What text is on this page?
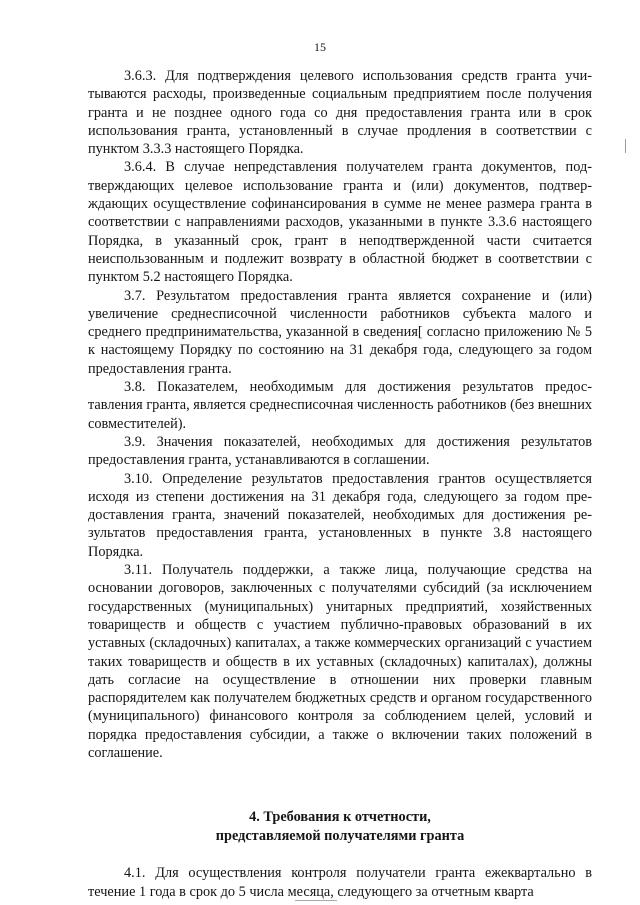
15

3.6.3. Для подтверждения целевого использования средств гранта учитываются расходы, произведенные социальным предприятием после получения гранта и не позднее одного года со дня предоставления гранта или в срок использования гранта, установленный в случае продления в соответствии с пунктом 3.3.3 настоящего Порядка.

3.6.4. В случае непредставления получателем гранта документов, подтверждающих целевое использование гранта и (или) документов, подтверждающих осуществление софинансирования в сумме не менее размера гранта в соответствии с направлениями расходов, указанными в пункте 3.3.6 настоящего Порядка, в указанный срок, грант в неподтвержденной части считается неиспользованным и подлежит возврату в областной бюджет в соответствии с пунктом 5.2 настоящего Порядка.

3.7. Результатом предоставления гранта является сохранение и (или) увеличение среднесписочной численности работников субъекта малого и среднего предпринимательства, указанной в сведения[ согласно приложению № 5 к настоящему Порядку по состоянию на 31 декабря года, следующего за годом предоставления гранта.

3.8. Показателем, необходимым для достижения результатов предоставления гранта, является среднесписочная численность работников (без внешних совместителей).

3.9. Значения показателей, необходимых для достижения результатов предоставления гранта, устанавливаются в соглашении.

3.10. Определение результатов предоставления грантов осуществляется исходя из степени достижения на 31 декабря года, следующего за годом предоставления гранта, значений показателей, необходимых для достижения результатов предоставления гранта, установленных в пункте 3.8 настоящего Порядка.

3.11. Получатель поддержки, а также лица, получающие средства на основании договоров, заключенных с получателями субсидий (за исключением государственных (муниципальных) унитарных предприятий, хозяйственных товариществ и обществ с участием публично-правовых образований в их уставных (складочных) капиталах, а также коммерческих организаций с участием таких товариществ и обществ в их уставных (складочных) капиталах), должны дать согласие на осуществление в отношении них проверки главным распорядителем как получателем бюджетных средств и органом государственного (муниципального) финансового контроля за соблюдением целей, условий и порядка предоставления субсидии, а также о включении таких положений в соглашение.

4. Требования к отчетности,
представляемой получателями гранта

4.1. Для осуществления контроля получатели гранта ежеквартально в течение 1 года в срок до 5 числа месяца, следующего за отчетным кварта
